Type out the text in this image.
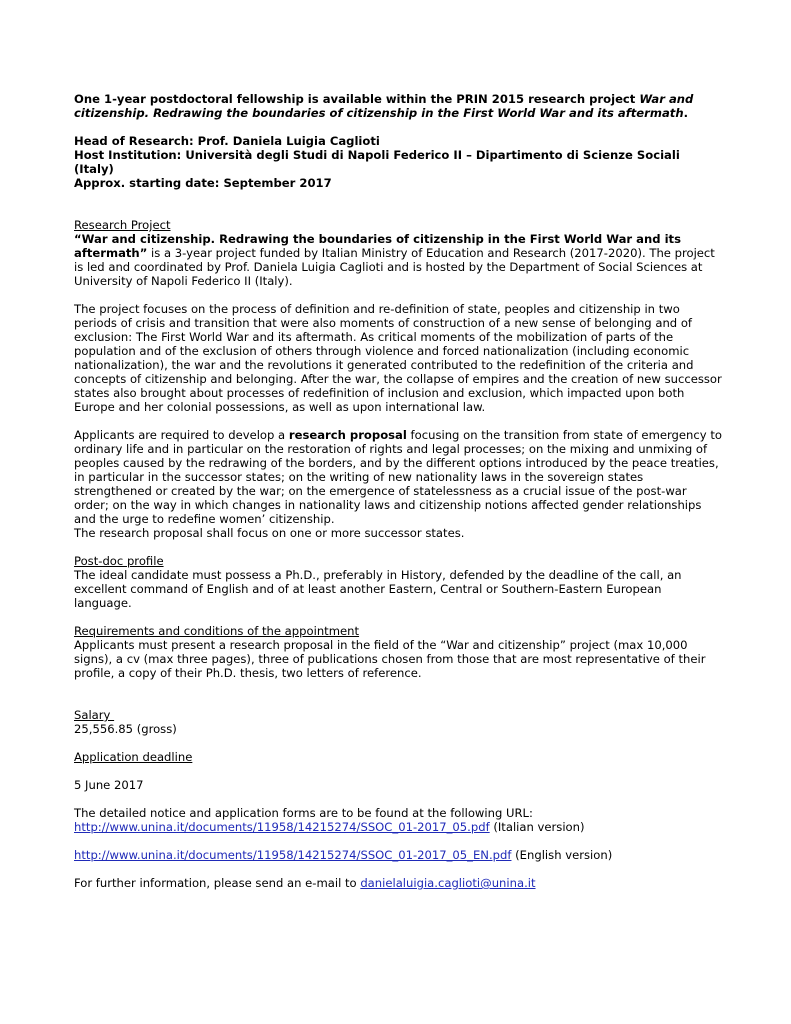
One 1-year postdoctoral fellowship is available within the PRIN 2015 research project War and citizenship. Redrawing the boundaries of citizenship in the First World War and its aftermath.

Head of Research: Prof. Daniela Luigia Caglioti
Host Institution: Università degli Studi di Napoli Federico II – Dipartimento di Scienze Sociali (Italy)
Approx. starting date: September 2017

Research Project
“War and citizenship. Redrawing the boundaries of citizenship in the First World War and its aftermath” is a 3-year project funded by Italian Ministry of Education and Research (2017-2020). The project is led and coordinated by Prof. Daniela Luigia Caglioti and is hosted by the Department of Social Sciences at University of Napoli Federico II (Italy).

The project focuses on the process of definition and re-definition of state, peoples and citizenship in two periods of crisis and transition that were also moments of construction of a new sense of belonging and of exclusion: The First World War and its aftermath. As critical moments of the mobilization of parts of the population and of the exclusion of others through violence and forced nationalization (including economic nationalization), the war and the revolutions it generated contributed to the redefinition of the criteria and concepts of citizenship and belonging. After the war, the collapse of empires and the creation of new successor states also brought about processes of redefinition of inclusion and exclusion, which impacted upon both Europe and her colonial possessions, as well as upon international law.

Applicants are required to develop a research proposal focusing on the transition from state of emergency to ordinary life and in particular on the restoration of rights and legal processes; on the mixing and unmixing of peoples caused by the redrawing of the borders, and by the different options introduced by the peace treaties, in particular in the successor states; on the writing of new nationality laws in the sovereign states strengthened or created by the war; on the emergence of statelessness as a crucial issue of the post-war order; on the way in which changes in nationality laws and citizenship notions affected gender relationships and the urge to redefine women’ citizenship.

The research proposal shall focus on one or more successor states.

Post-doc profile
The ideal candidate must possess a Ph.D., preferably in History, defended by the deadline of the call, an excellent command of English and of at least another Eastern, Central or Southern-Eastern European language.

Requirements and conditions of the appointment
Applicants must present a research proposal in the field of the “War and citizenship” project (max 10,000 signs), a cv (max three pages), three of publications chosen from those that are most representative of their profile, a copy of their Ph.D. thesis, two letters of reference.

Salary
25,556.85 (gross)

Application deadline

5 June 2017

The detailed notice and application forms are to be found at the following URL:
http://www.unina.it/documents/11958/14215274/SSOC_01-2017_05.pdf (Italian version)

http://www.unina.it/documents/11958/14215274/SSOC_01-2017_05_EN.pdf (English version)

For further information, please send an e-mail to danielaluigia.caglioti@unina.it
